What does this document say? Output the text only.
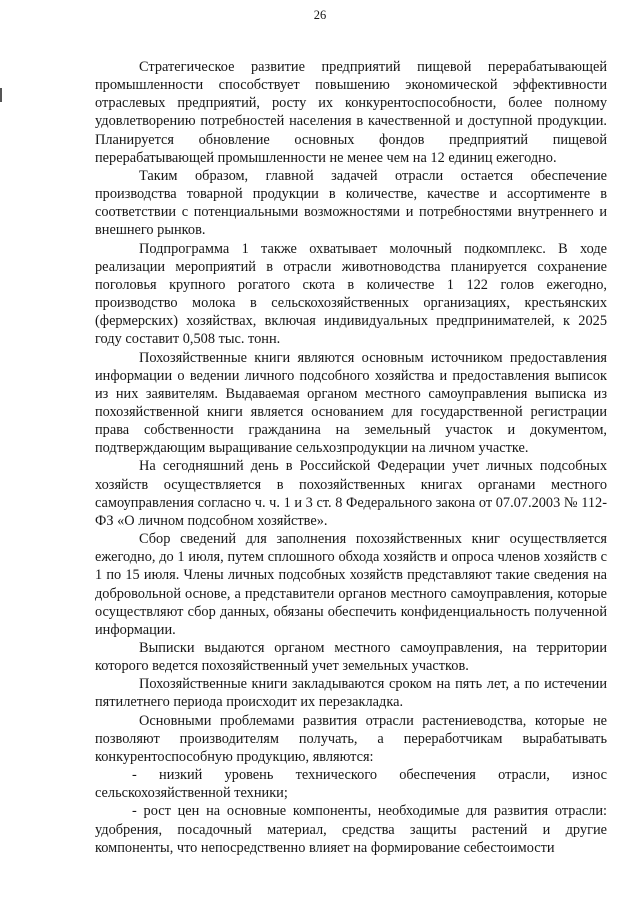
26

Стратегическое развитие предприятий пищевой перерабатывающей промышленности способствует повышению экономической эффективности отраслевых предприятий, росту их конкурентоспособности, более полному удовлетворению потребностей населения в качественной и доступной продукции. Планируется обновление основных фондов предприятий пищевой перерабатывающей промышленности не менее чем на 12 единиц ежегодно.

Таким образом, главной задачей отрасли остается обеспечение производства товарной продукции в количестве, качестве и ассортименте в соответствии с потенциальными возможностями и потребностями внутреннего и внешнего рынков.

Подпрограмма 1 также охватывает молочный подкомплекс. В ходе реализации мероприятий в отрасли животноводства планируется сохранение поголовья крупного рогатого скота в количестве 1 122 голов ежегодно, производство молока в сельскохозяйственных организациях, крестьянских (фермерских) хозяйствах, включая индивидуальных предпринимателей, к 2025 году составит 0,508 тыс. тонн.

Похозяйственные книги являются основным источником предоставления информации о ведении личного подсобного хозяйства и предоставления выписок из них заявителям. Выдаваемая органом местного самоуправления выписка из похозяйственной книги является основанием для государственной регистрации права собственности гражданина на земельный участок и документом, подтверждающим выращивание сельхозпродукции на личном участке.

На сегодняшний день в Российской Федерации учет личных подсобных хозяйств осуществляется в похозяйственных книгах органами местного самоуправления согласно ч. ч. 1 и 3 ст. 8 Федерального закона от 07.07.2003 № 112-ФЗ «О личном подсобном хозяйстве».

Сбор сведений для заполнения похозяйственных книг осуществляется ежегодно, до 1 июля, путем сплошного обхода хозяйств и опроса членов хозяйств с 1 по 15 июля. Члены личных подсобных хозяйств представляют такие сведения на добровольной основе, а представители органов местного самоуправления, которые осуществляют сбор данных, обязаны обеспечить конфиденциальность полученной информации.

Выписки выдаются органом местного самоуправления, на территории которого ведется похозяйственный учет земельных участков.

Похозяйственные книги закладываются сроком на пять лет, а по истечении пятилетнего периода происходит их перезакладка.

Основными проблемами развития отрасли растениеводства, которые не позволяют производителям получать, а переработчикам вырабатывать конкурентоспособную продукцию, являются:

- низкий уровень технического обеспечения отрасли, износ сельскохозяйственной техники;

- рост цен на основные компоненты, необходимые для развития отрасли: удобрения, посадочный материал, средства защиты растений и другие компоненты, что непосредственно влияет на формирование себестоимости
